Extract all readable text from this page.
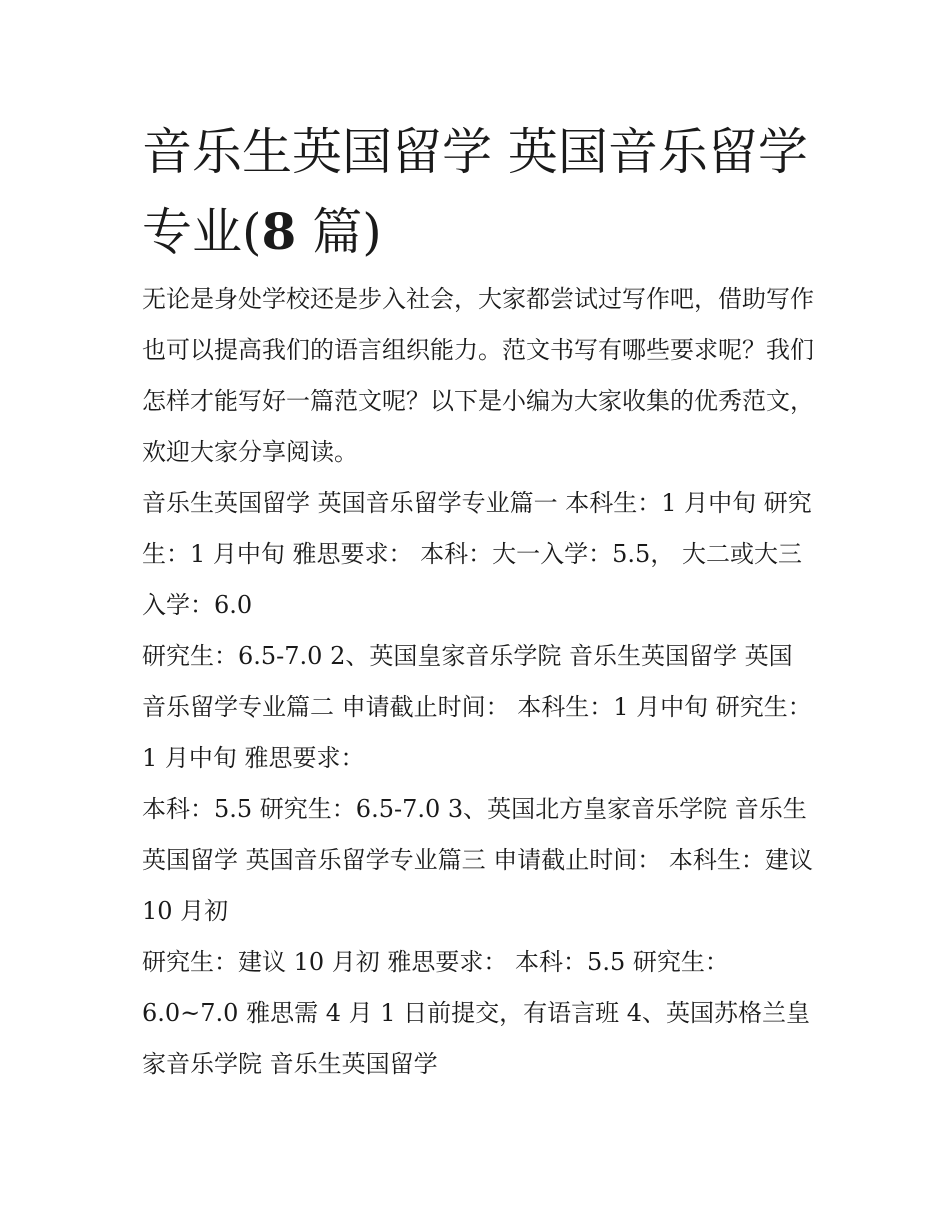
音乐生英国留学 英国音乐留学专业(8 篇)

无论是身处学校还是步入社会，大家都尝试过写作吧，借助写作也可以提高我们的语言组织能力。范文书写有哪些要求呢？我们怎样才能写好一篇范文呢？以下是小编为大家收集的优秀范文，欢迎大家分享阅读。

音乐生英国留学 英国音乐留学专业篇一 本科生：1 月中旬 研究生：1 月中旬 雅思要求： 本科：大一入学：5.5， 大二或大三入学：6.0

研究生：6.5-7.0 2、英国皇家音乐学院 音乐生英国留学 英国音乐留学专业篇二 申请截止时间： 本科生：1 月中旬 研究生：1 月中旬 雅思要求：

本科：5.5 研究生：6.5-7.0 3、英国北方皇家音乐学院 音乐生英国留学 英国音乐留学专业篇三 申请截止时间： 本科生：建议 10 月初

研究生：建议 10 月初 雅思要求： 本科：5.5 研究生： 6.0~7.0 雅思需 4 月 1 日前提交，有语言班 4、英国苏格兰皇家音乐学院 音乐生英国留学
